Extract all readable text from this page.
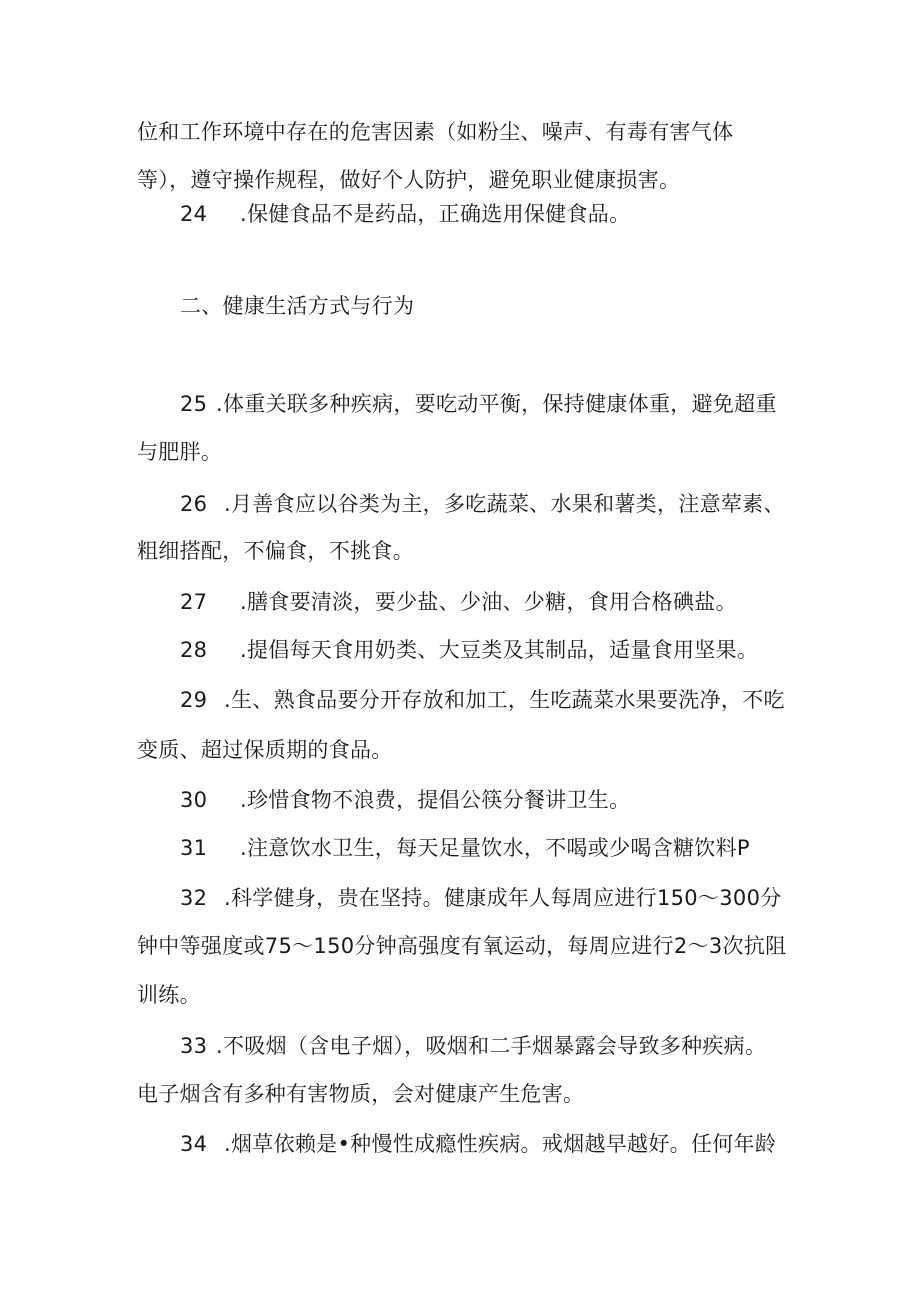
位和工作环境中存在的危害因素（如粉尘、噪声、有毒有害气体

等），遵守操作规程，做好个人防护，避免职业健康损害。

24 .保健食品不是药品，正确选用保健食品。

二、健康生活方式与行为

25 .体重关联多种疾病，要吃动平衡，保持健康体重，避免超重

与肥胖。

26 .月善食应以谷类为主，多吃蔬菜、水果和薯类，注意荤素、

粗细搭配，不偏食，不挑食。

27 .膳食要清淡，要少盐、少油、少糖，食用合格碘盐。

28 .提倡每天食用奶类、大豆类及其制品，适量食用坚果。

29 .生、熟食品要分开存放和加工，生吃蔬菜水果要洗净，不吃

变质、超过保质期的食品。

30 .珍惜食物不浪费，提倡公筷分餐讲卫生。

31 .注意饮水卫生，每天足量饮水，不喝或少喝含糖饮料P

32 .科学健身，贵在坚持。健康成年人每周应进行150～300分

钟中等强度或75～150分钟高强度有氧运动，每周应进行2～3次抗阻

训练。

33 .不吸烟（含电子烟），吸烟和二手烟暴露会导致多种疾病。

电子烟含有多种有害物质，会对健康产生危害。

34 .烟草依赖是•种慢性成瘾性疾病。戒烟越早越好。任何年龄
